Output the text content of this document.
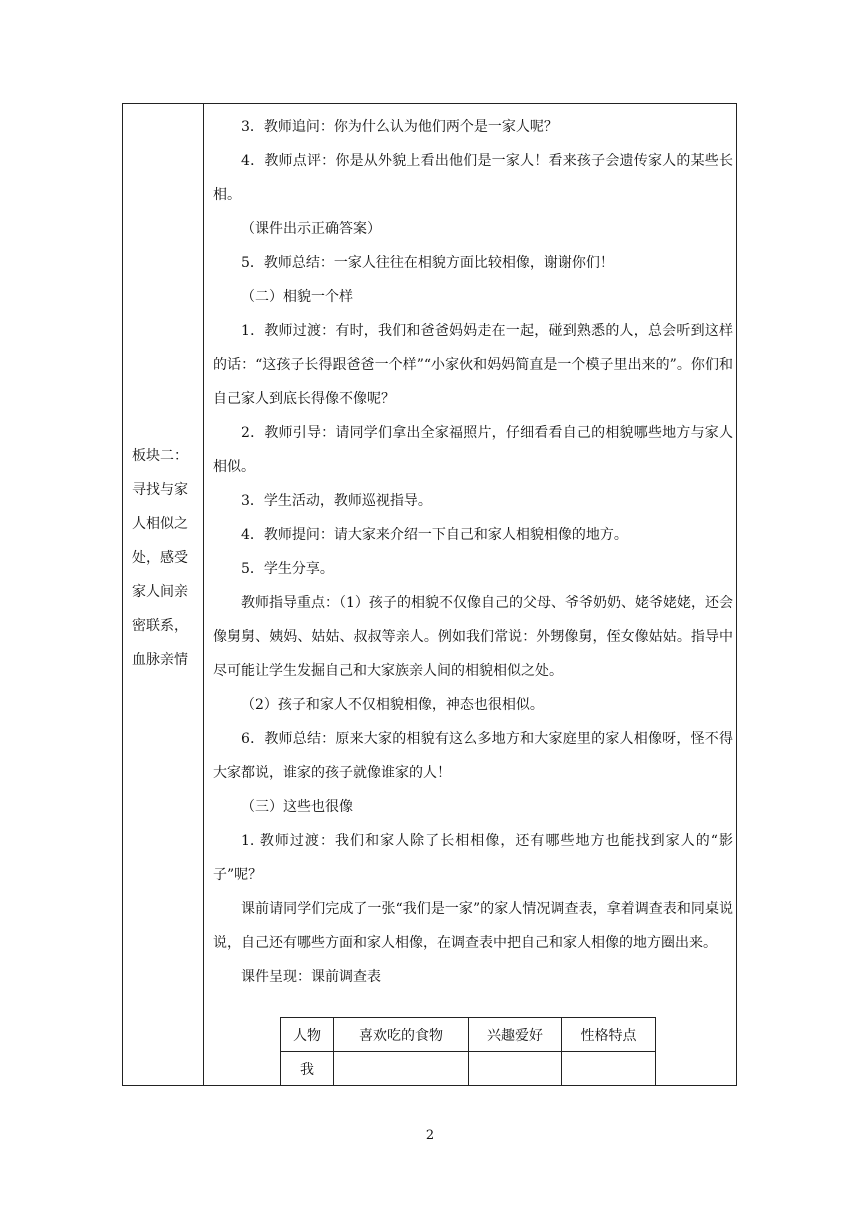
板块二：
寻找与家
人相似之
处，感受
家人间亲
密联系，
血脉亲情

3．教师追问：你为什么认为他们两个是一家人呢？

4．教师点评：你是从外貌上看出他们是一家人！看来孩子会遗传家人的某些长相。

（课件出示正确答案）

5．教师总结：一家人往往在相貌方面比较相像，谢谢你们！

（二）相貌一个样

1．教师过渡：有时，我们和爸爸妈妈走在一起，碰到熟悉的人，总会听到这样的话：“这孩子长得跟爸爸一个样”“小家伙和妈妈简直是一个模子里出来的”。你们和自己家人到底长得像不像呢？

2．教师引导：请同学们拿出全家福照片，仔细看看自己的相貌哪些地方与家人相似。

3．学生活动，教师巡视指导。

4．教师提问：请大家来介绍一下自己和家人相貌相像的地方。

5．学生分享。

教师指导重点：（1）孩子的相貌不仅像自己的父母、爷爷奶奶、姥爷姥姥，还会像舅舅、姨妈、姑姑、叔叔等亲人。例如我们常说：外甥像舅，侄女像姑姑。指导中尽可能让学生发掘自己和大家族亲人间的相貌相似之处。

（2）孩子和家人不仅相貌相像，神态也很相似。

6．教师总结：原来大家的相貌有这么多地方和大家庭里的家人相像呀，怪不得大家都说，谁家的孩子就像谁家的人！

（三）这些也很像

1. 教师过渡：我们和家人除了长相相像，还有哪些地方也能找到家人的“影子”呢？

课前请同学们完成了一张“我们是一家”的家人情况调查表，拿着调查表和同桌说说，自己还有哪些方面和家人相像，在调查表中把自己和家人相像的地方圈出来。

课件呈现：课前调查表

人物	喜欢吃的食物	兴趣爱好	性格特点
我			
2
